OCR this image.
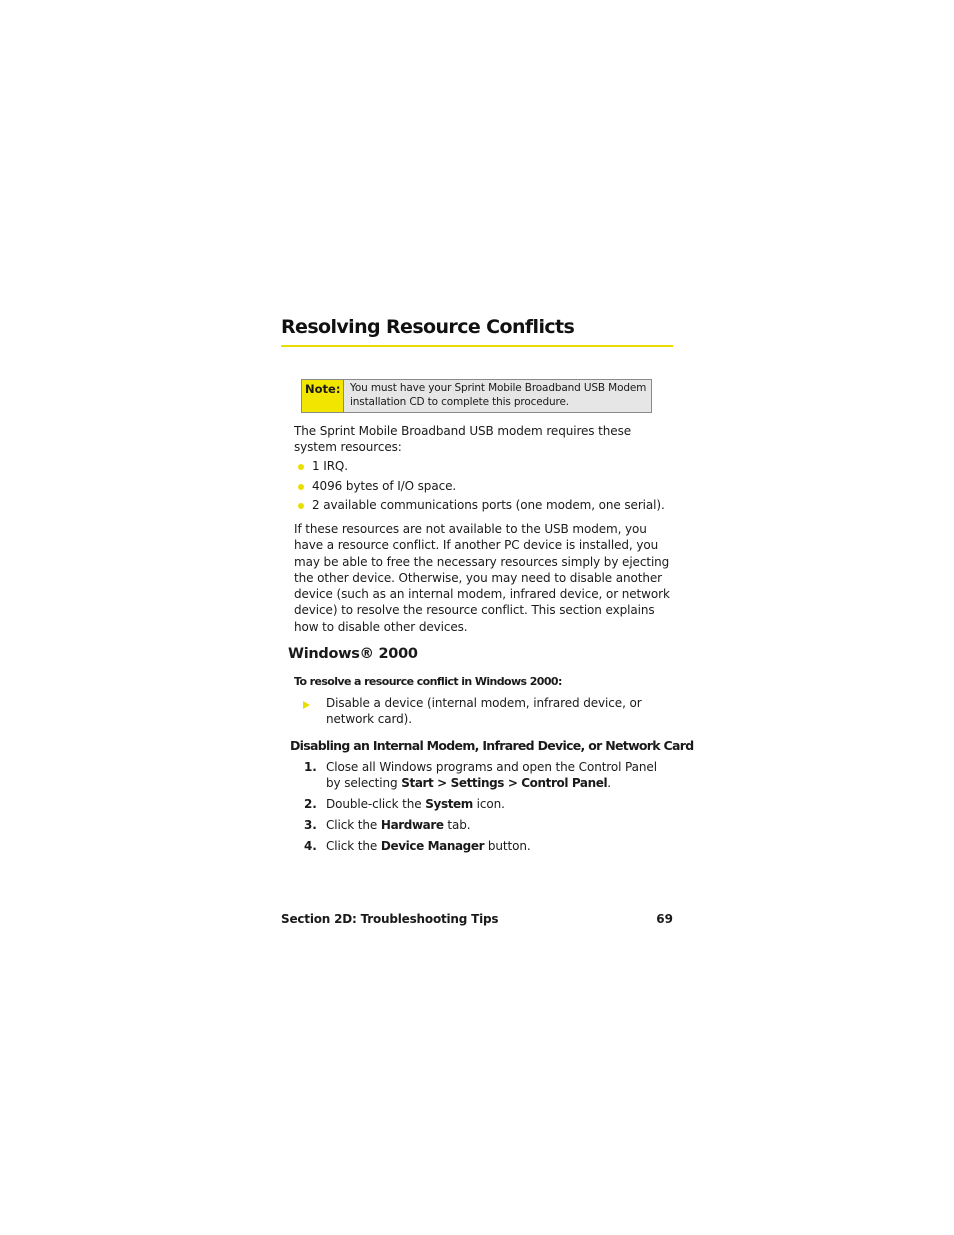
Resolving Resource Conflicts
Note: You must have your Sprint Mobile Broadband USB Modem
installation CD to complete this procedure.

The Sprint Mobile Broadband USB modem requires these system resources:

1 IRQ.
4096 bytes of I/O space.
2 available communications ports (one modem, one serial).

If these resources are not available to the USB modem, you have a resource conflict. If another PC device is installed, you may be able to free the necessary resources simply by ejecting the other device. Otherwise, you may need to disable another device (such as an internal modem, infrared device, or network device) to resolve the resource conflict. This section explains how to disable other devices.

Windows® 2000
To resolve a resource conflict in Windows 2000:
Disable a device (internal modem, infrared device, or network card).
Disabling an Internal Modem, Infrared Device, or Network Card
1. Close all Windows programs and open the Control Panel by selecting Start > Settings > Control Panel.
2. Double-click the System icon.
3. Click the Hardware tab.
4. Click the Device Manager button.
Section 2D: Troubleshooting Tips	69
